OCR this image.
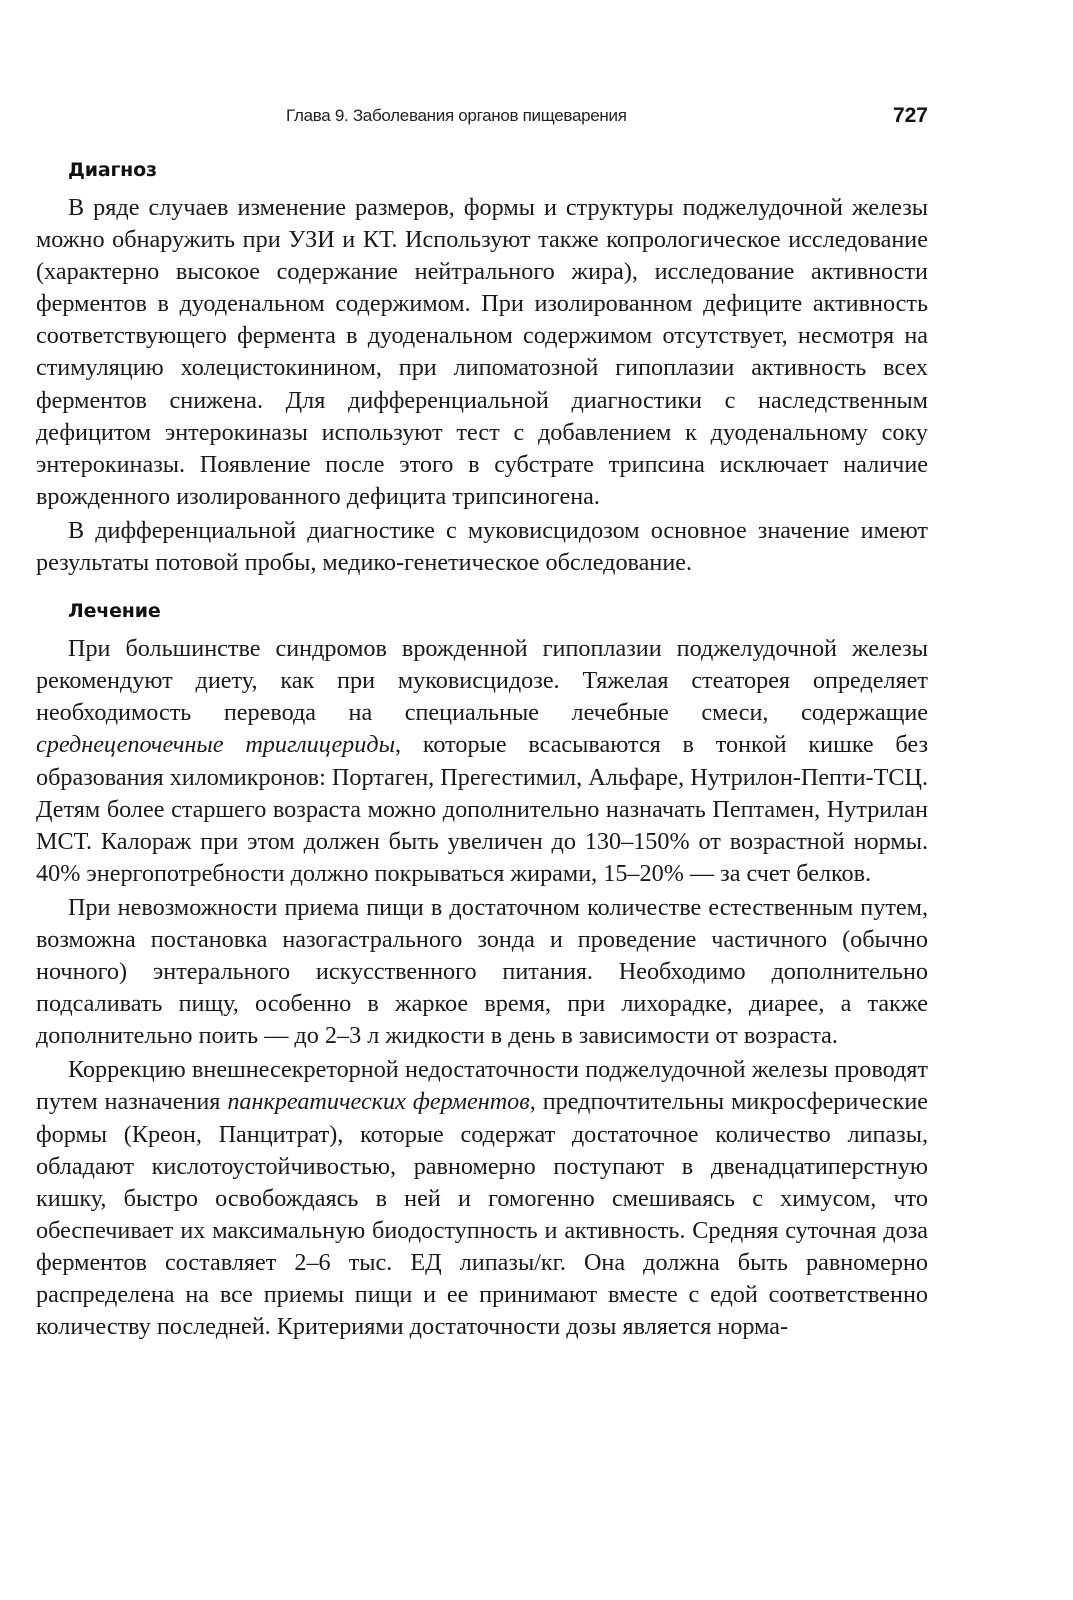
Глава 9. Заболевания органов пищеварения	727
Диагноз

В ряде случаев изменение размеров, формы и структуры поджелудочной железы можно обнаружить при УЗИ и КТ. Используют также копрологическое исследование (характерно высокое содержание нейтрального жира), исследование активности ферментов в дуоденальном содержимом. При изолированном дефиците активность соответствующего фермента в дуоденальном содержимом отсутствует, несмотря на стимуляцию холецистокинином, при липоматозной гипоплазии активность всех ферментов снижена. Для дифференциальной диагностики с наследственным дефицитом энтерокиназы используют тест с добавлением к дуоденальному соку энтерокиназы. Появление после этого в субстрате трипсина исключает наличие врожденного изолированного дефицита трипсиногена.

В дифференциальной диагностике с муковисцидозом основное значение имеют результаты потовой пробы, медико-генетическое обследование.

Лечение

При большинстве синдромов врожденной гипоплазии поджелудочной железы рекомендуют диету, как при муковисцидозе. Тяжелая стеаторея определяет необходимость перевода на специальные лечебные смеси, содержащие среднецепочечные триглицериды, которые всасываются в тонкой кишке без образования хиломикронов: Портаген, Прегестимил, Альфаре, Нутрилон-Пепти-ТСЦ. Детям более старшего возраста можно дополнительно назначать Пептамен, Нутрилан МСТ. Калораж при этом должен быть увеличен до 130–150% от возрастной нормы. 40% энергопотребности должно покрываться жирами, 15–20% — за счет белков.

При невозможности приема пищи в достаточном количестве естественным путем, возможна постановка назогастрального зонда и проведение частичного (обычно ночного) энтерального искусственного питания. Необходимо дополнительно подсаливать пищу, особенно в жаркое время, при лихорадке, диарее, а также дополнительно поить — до 2–3 л жидкости в день в зависимости от возраста.

Коррекцию внешнесекреторной недостаточности поджелудочной железы проводят путем назначения панкреатических ферментов, предпочтительны микросферические формы (Креон, Панцитрат), которые содержат достаточное количество липазы, обладают кислотоустойчивостью, равномерно поступают в двенадцатиперстную кишку, быстро освобождаясь в ней и гомогенно смешиваясь с химусом, что обеспечивает их максимальную биодоступность и активность. Средняя суточная доза ферментов составляет 2–6 тыс. ЕД липазы/кг. Она должна быть равномерно распределена на все приемы пищи и ее принимают вместе с едой соответственно количеству последней. Критериями достаточности дозы является норма-
